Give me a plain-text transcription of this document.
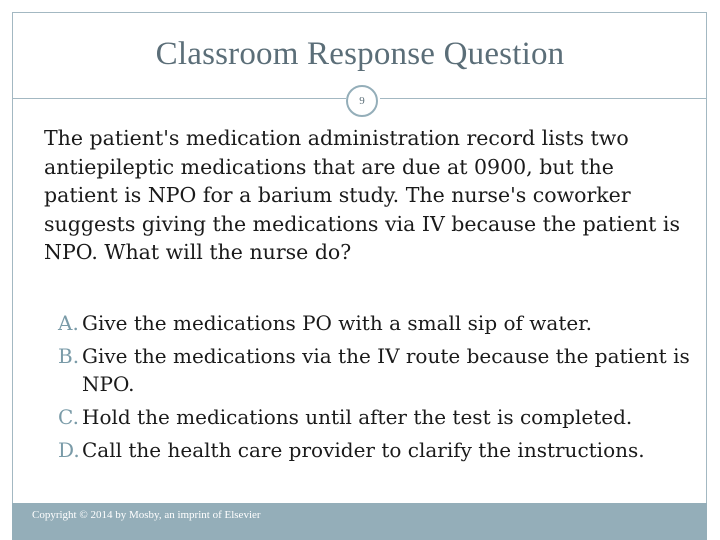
Classroom Response Question
9
The patient's medication administration record lists two antiepileptic medications that are due at 0900, but the patient is NPO for a barium study. The nurse's coworker suggests giving the medications via IV because the patient is NPO. What will the nurse do?
A. Give the medications PO with a small sip of water.
B. Give the medications via the IV route because the patient is NPO.
C. Hold the medications until after the test is completed.
D. Call the health care provider to clarify the instructions.
Copyright © 2014 by Mosby, an imprint of Elsevier
